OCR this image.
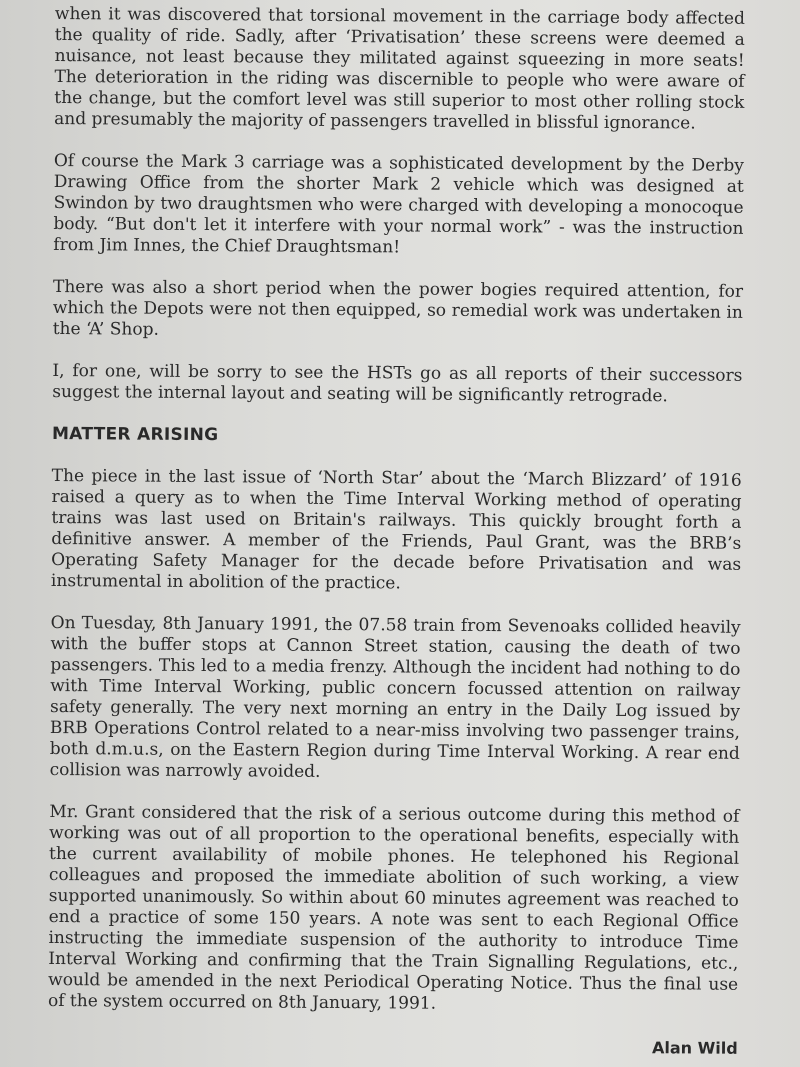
when it was discovered that torsional movement in the carriage body affected the quality of ride. Sadly, after ‘Privatisation’ these screens were deemed a nuisance, not least because they militated against squeezing in more seats! The deterioration in the riding was discernible to people who were aware of the change, but the comfort level was still superior to most other rolling stock and presumably the majority of passengers travelled in blissful ignorance.

Of course the Mark 3 carriage was a sophisticated development by the Derby Drawing Office from the shorter Mark 2 vehicle which was designed at Swindon by two draughtsmen who were charged with developing a monocoque body. “But don't let it interfere with your normal work” - was the instruction from Jim Innes, the Chief Draughtsman!

There was also a short period when the power bogies required attention, for which the Depots were not then equipped, so remedial work was undertaken in the ‘A’ Shop.

I, for one, will be sorry to see the HSTs go as all reports of their successors suggest the internal layout and seating will be significantly retrograde.

MATTER ARISING

The piece in the last issue of ‘North Star’ about the ‘March Blizzard’ of 1916 raised a query as to when the Time Interval Working method of operating trains was last used on Britain's railways. This quickly brought forth a definitive answer. A member of the Friends, Paul Grant, was the BRB’s Operating Safety Manager for the decade before Privatisation and was instrumental in abolition of the practice.

On Tuesday, 8th January 1991, the 07.58 train from Sevenoaks collided heavily with the buffer stops at Cannon Street station, causing the death of two passengers. This led to a media frenzy. Although the incident had nothing to do with Time Interval Working, public concern focussed attention on railway safety generally. The very next morning an entry in the Daily Log issued by BRB Operations Control related to a near-miss involving two passenger trains, both d.m.u.s, on the Eastern Region during Time Interval Working. A rear end collision was narrowly avoided.

Mr. Grant considered that the risk of a serious outcome during this method of working was out of all proportion to the operational benefits, especially with the current availability of mobile phones. He telephoned his Regional colleagues and proposed the immediate abolition of such working, a view supported unanimously. So within about 60 minutes agreement was reached to end a practice of some 150 years. A note was sent to each Regional Office instructing the immediate suspension of the authority to introduce Time Interval Working and confirming that the Train Signalling Regulations, etc., would be amended in the next Periodical Operating Notice. Thus the final use of the system occurred on 8th January, 1991.

Alan Wild
